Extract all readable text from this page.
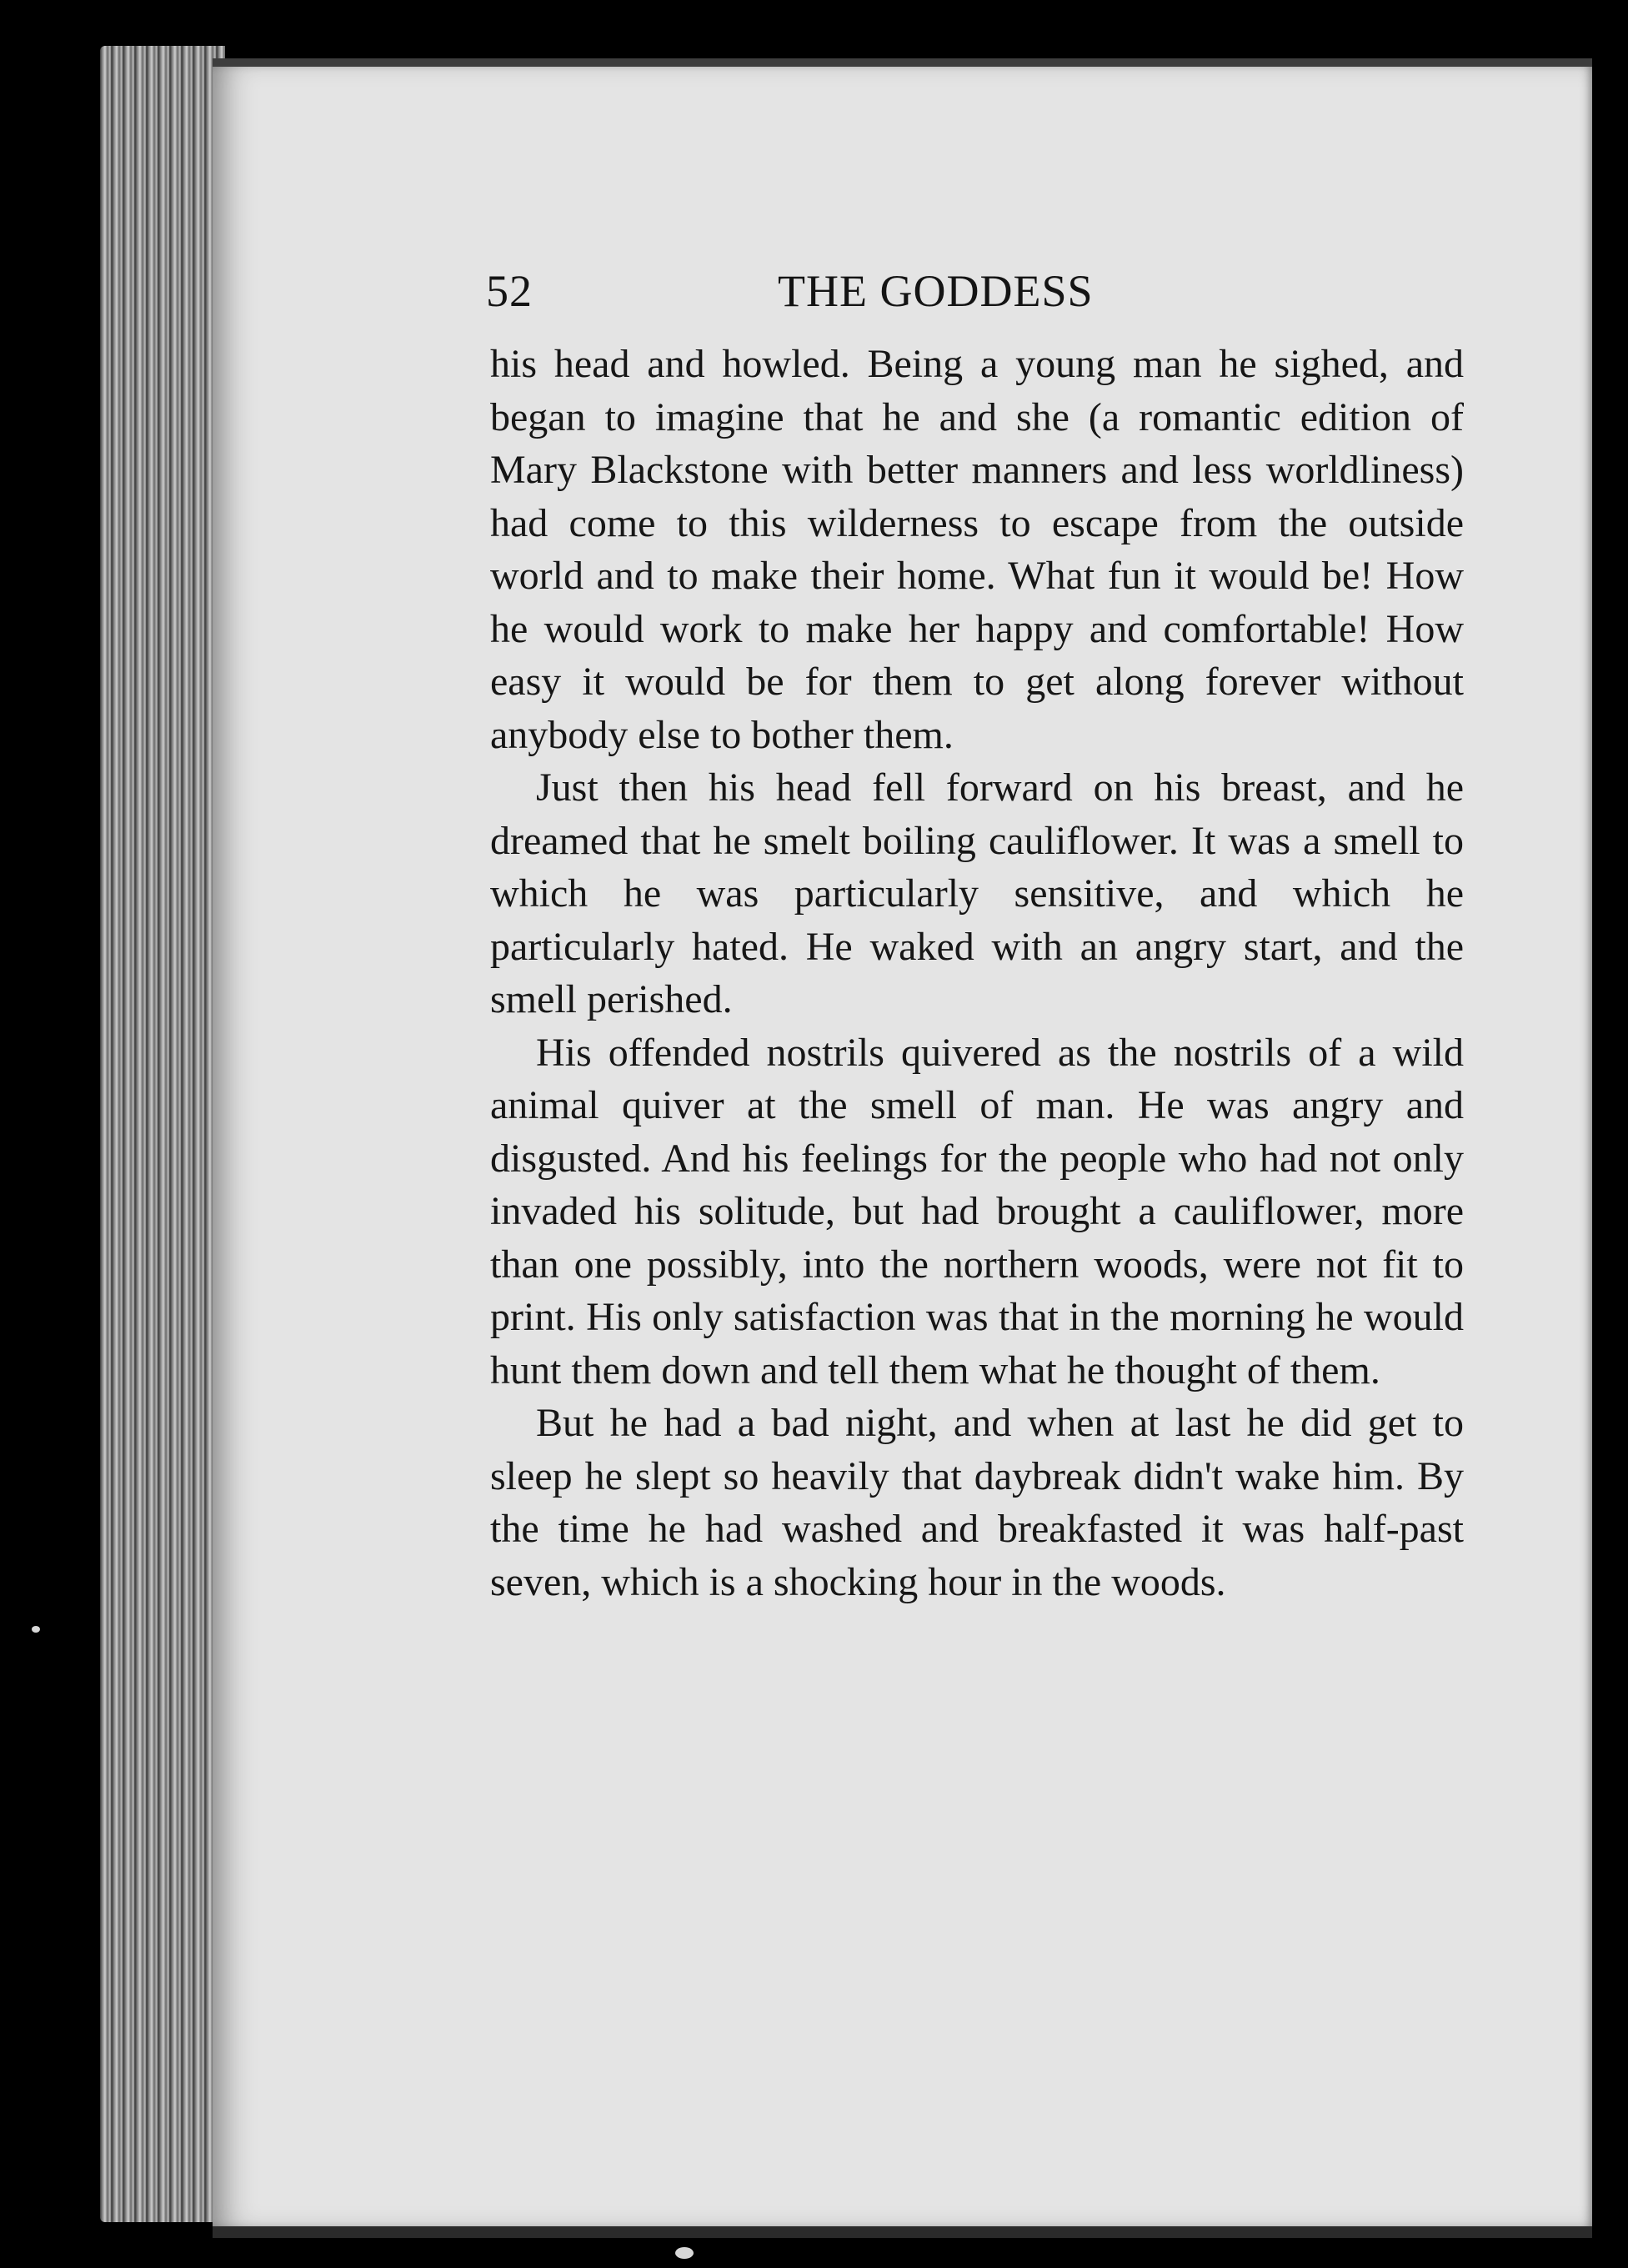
52	THE GODDESS

his head and howled. Being a young man he sighed, and began to imagine that he and she (a romantic edition of Mary Blackstone with better manners and less worldliness) had come to this wilderness to escape from the outside world and to make their home. What fun it would be! How he would work to make her happy and comfortable! How easy it would be for them to get along forever without anybody else to bother them.

Just then his head fell forward on his breast, and he dreamed that he smelt boiling cauliflower. It was a smell to which he was particularly sensitive, and which he particularly hated. He waked with an angry start, and the smell perished.

His offended nostrils quivered as the nostrils of a wild animal quiver at the smell of man. He was angry and disgusted. And his feelings for the people who had not only invaded his solitude, but had brought a cauliflower, more than one possibly, into the northern woods, were not fit to print. His only satisfaction was that in the morning he would hunt them down and tell them what he thought of them.

But he had a bad night, and when at last he did get to sleep he slept so heavily that daybreak didn't wake him. By the time he had washed and breakfasted it was half-past seven, which is a shocking hour in the woods.
